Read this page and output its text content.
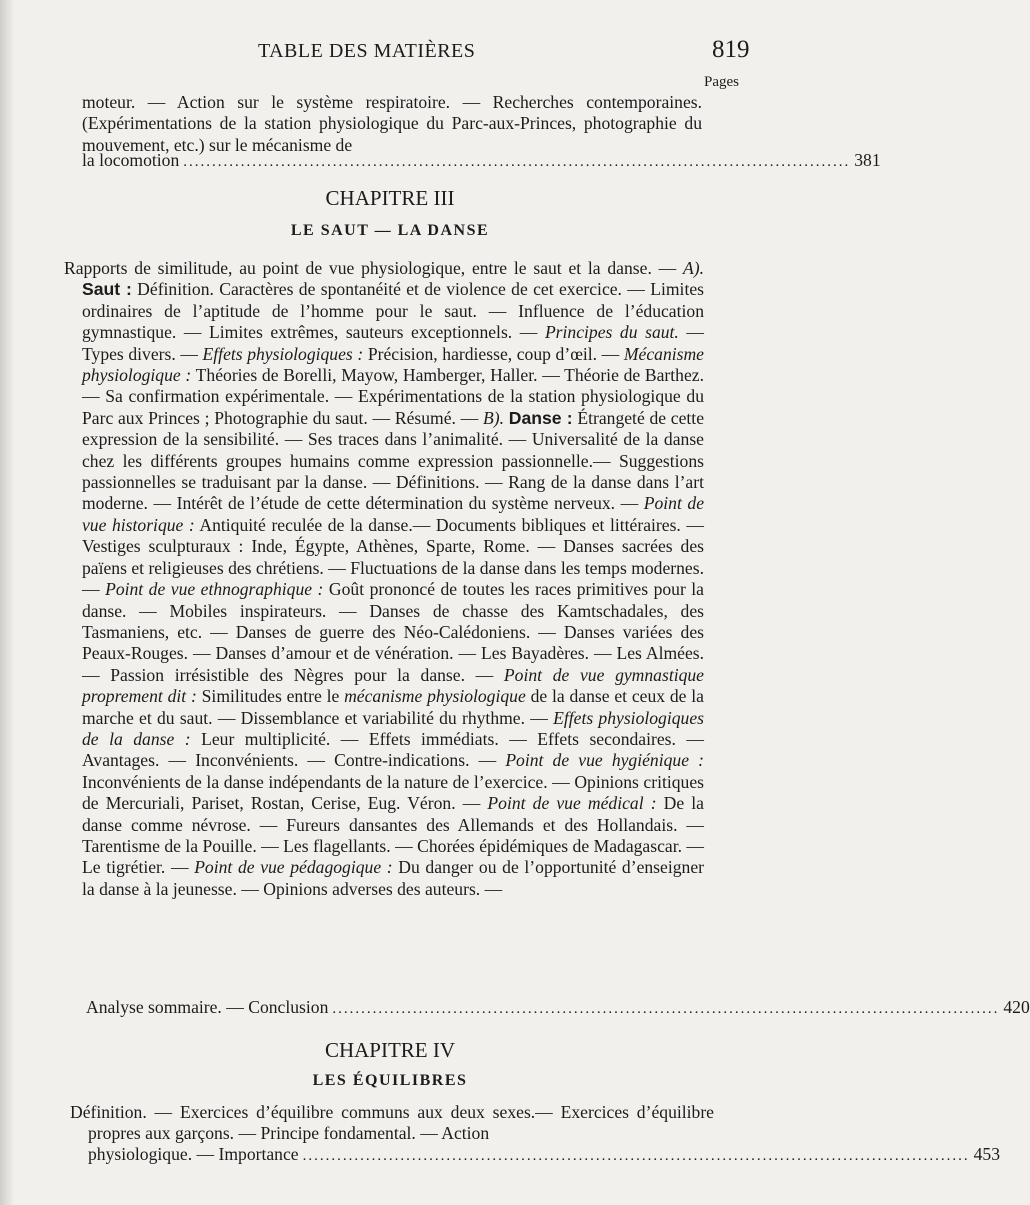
TABLE DES MATIÈRES	819
Pages

moteur. — Action sur le système respiratoire. — Recherches contemporaines. (Expérimentations de la station physiologique du Parc-aux-Princes, photographie du mouvement, etc.) sur le mécanisme de

la locomotion .................................................................................................................... 381
CHAPITRE III
LE SAUT — LA DANSE

Rapports de similitude, au point de vue physiologique, entre le saut et la danse. — A). Saut : Définition. Caractères de spontanéité et de violence de cet exercice. — Limites ordinaires de l’aptitude de l’homme pour le saut. — Influence de l’éducation gymnastique. — Limites extrêmes, sauteurs exceptionnels. — Principes du saut. — Types divers. — Effets physiologiques : Précision, hardiesse, coup d’œil. — Mécanisme physiologique : Théories de Borelli, Mayow, Hamberger, Haller. — Théorie de Barthez. — Sa confirmation expérimentale. — Expérimentations de la station physiologique du Parc aux Princes ; Photographie du saut. — Résumé. — B). Danse : Étrangeté de cette expression de la sensibilité. — Ses traces dans l’animalité. — Universalité de la danse chez les différents groupes humains comme expression passionnelle.— Suggestions passionnelles se traduisant par la danse. — Définitions. — Rang de la danse dans l’art moderne. — Intérêt de l’étude de cette détermination du système nerveux. — Point de vue historique : Antiquité reculée de la danse.— Documents bibliques et littéraires. — Vestiges sculpturaux : Inde, Égypte, Athènes, Sparte, Rome. — Danses sacrées des païens et religieuses des chrétiens. — Fluctuations de la danse dans les temps modernes. — Point de vue ethnographique : Goût prononcé de toutes les races primitives pour la danse. — Mobiles inspirateurs. — Danses de chasse des Kamtschadales, des Tasmaniens, etc. — Danses de guerre des Néo-Calédoniens. — Danses variées des Peaux-Rouges. — Danses d’amour et de vénération. — Les Bayadères. — Les Almées. — Passion irrésistible des Nègres pour la danse. — Point de vue gymnastique proprement dit : Similitudes entre le mécanisme physiologique de la danse et ceux de la marche et du saut. — Dissemblance et variabilité du rhythme. — Effets physiologiques de la danse : Leur multiplicité. — Effets immédiats. — Effets secondaires. — Avantages. — Inconvénients. — Contre-indications. — Point de vue hygiénique : Inconvénients de la danse indépendants de la nature de l’exercice. — Opinions critiques de Mercuriali, Pariset, Rostan, Cerise, Eug. Véron. — Point de vue médical : De la danse comme névrose. — Fureurs dansantes des Allemands et des Hollandais. — Tarentisme de la Pouille. — Les flagellants. — Chorées épidémiques de Madagascar. — Le tigrétier. — Point de vue pédagogique : Du danger ou de l’opportunité d’enseigner la danse à la jeunesse. — Opinions adverses des auteurs. —

Analyse sommaire. — Conclusion .................................................................................................................... 420
CHAPITRE IV
LES ÉQUILIBRES

Définition. — Exercices d’équilibre communs aux deux sexes.— Exercices d’équilibre propres aux garçons. — Principe fondamental. — Action

physiologique. — Importance .................................................................................................................... 453
